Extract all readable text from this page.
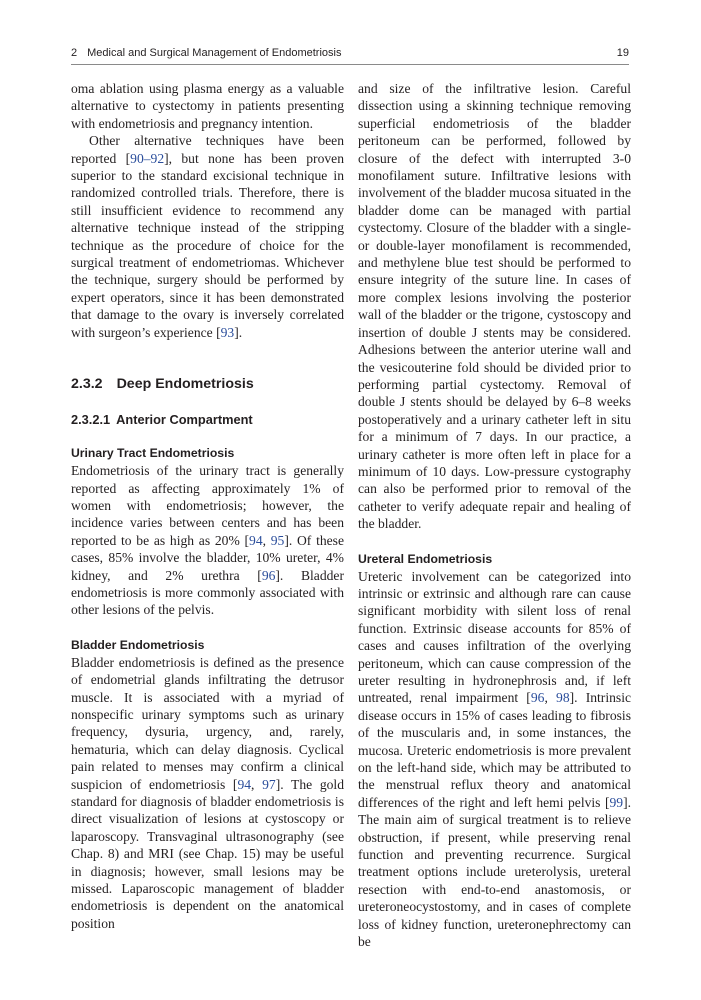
2 Medical and Surgical Management of Endometriosis	19

oma ablation using plasma energy as a valuable alternative to cystectomy in patients presenting with endometriosis and pregnancy intention.

Other alternative techniques have been reported [90–92], but none has been proven superior to the standard excisional technique in randomized controlled trials. Therefore, there is still insufficient evidence to recommend any alternative technique instead of the stripping technique as the procedure of choice for the surgical treatment of endometriomas. Whichever the technique, surgery should be performed by expert operators, since it has been demonstrated that damage to the ovary is inversely correlated with surgeon’s experience [93].

2.3.2 Deep Endometriosis
2.3.2.1 Anterior Compartment
Urinary Tract Endometriosis

Endometriosis of the urinary tract is generally reported as affecting approximately 1% of women with endometriosis; however, the incidence varies between centers and has been reported to be as high as 20% [94, 95]. Of these cases, 85% involve the bladder, 10% ureter, 4% kidney, and 2% urethra [96]. Bladder endometriosis is more commonly associated with other lesions of the pelvis.

Bladder Endometriosis

Bladder endometriosis is defined as the presence of endometrial glands infiltrating the detrusor muscle. It is associated with a myriad of nonspecific urinary symptoms such as urinary frequency, dysuria, urgency, and, rarely, hematuria, which can delay diagnosis. Cyclical pain related to menses may confirm a clinical suspicion of endometriosis [94, 97]. The gold standard for diagnosis of bladder endometriosis is direct visualization of lesions at cystoscopy or laparoscopy. Transvaginal ultrasonography (see Chap. 8) and MRI (see Chap. 15) may be useful in diagnosis; however, small lesions may be missed. Laparoscopic management of bladder endometriosis is dependent on the anatomical position

and size of the infiltrative lesion. Careful dissection using a skinning technique removing superficial endometriosis of the bladder peritoneum can be performed, followed by closure of the defect with interrupted 3-0 monofilament suture. Infiltrative lesions with involvement of the bladder mucosa situated in the bladder dome can be managed with partial cystectomy. Closure of the bladder with a single- or double-layer monofilament is recommended, and methylene blue test should be performed to ensure integrity of the suture line. In cases of more complex lesions involving the posterior wall of the bladder or the trigone, cystoscopy and insertion of double J stents may be considered. Adhesions between the anterior uterine wall and the vesicouterine fold should be divided prior to performing partial cystectomy. Removal of double J stents should be delayed by 6–8 weeks postoperatively and a urinary catheter left in situ for a minimum of 7 days. In our practice, a urinary catheter is more often left in place for a minimum of 10 days. Low-pressure cystography can also be performed prior to removal of the catheter to verify adequate repair and healing of the bladder.

Ureteral Endometriosis

Ureteric involvement can be categorized into intrinsic or extrinsic and although rare can cause significant morbidity with silent loss of renal function. Extrinsic disease accounts for 85% of cases and causes infiltration of the overlying peritoneum, which can cause compression of the ureter resulting in hydronephrosis and, if left untreated, renal impairment [96, 98]. Intrinsic disease occurs in 15% of cases leading to fibrosis of the muscularis and, in some instances, the mucosa. Ureteric endometriosis is more prevalent on the left-hand side, which may be attributed to the menstrual reflux theory and anatomical differences of the right and left hemi pelvis [99]. The main aim of surgical treatment is to relieve obstruction, if present, while preserving renal function and preventing recurrence. Surgical treatment options include ureterolysis, ureteral resection with end-to-end anastomosis, or ureteroneocystostomy, and in cases of complete loss of kidney function, ureteronephrectomy can be
